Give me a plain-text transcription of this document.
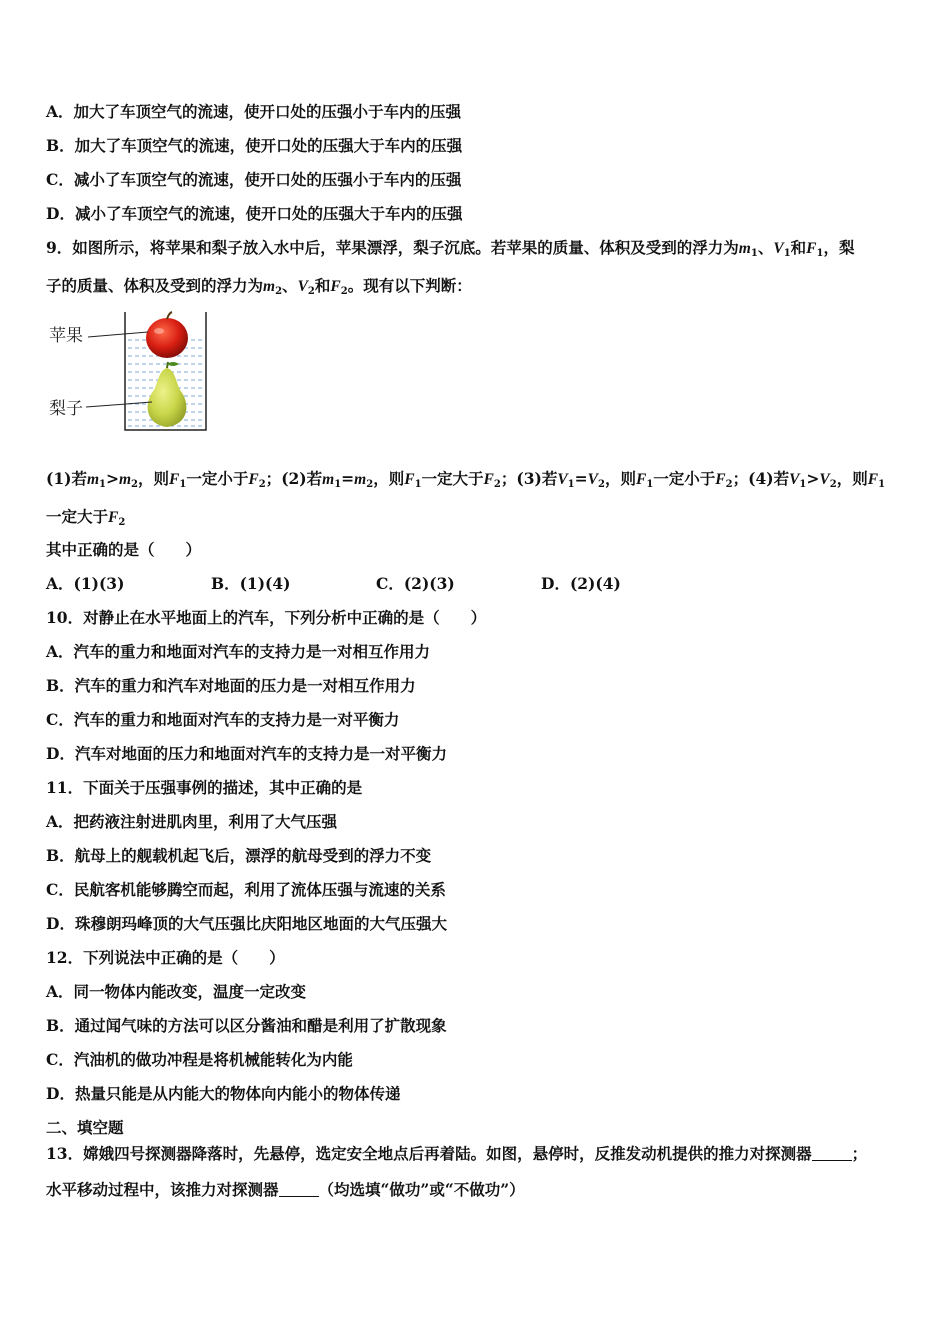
A．加大了车顶空气的流速，使开口处的压强小于车内的压强
B．加大了车顶空气的流速，使开口处的压强大于车内的压强
C．减小了车顶空气的流速，使开口处的压强小于车内的压强
D．减小了车顶空气的流速，使开口处的压强大于车内的压强
9．如图所示，将苹果和梨子放入水中后，苹果漂浮，梨子沉底。若苹果的质量、体积及受到的浮力为$m_1$、$V_1$和$F_1$，梨
子的质量、体积及受到的浮力为$m_2$、$V_2$和$F_2$。现有以下判断：
苹果
梨子
(1)若$m_1>m_2$，则$F_1$一定小于$F_2$；(2)若$m_1=m_2$，则$F_1$一定大于$F_2$；(3)若$V_1=V_2$，则$F_1$一定小于$F_2$；(4)若$V_1>V_2$，则$F_1$
一定大于$F_2$
其中正确的是（　　）
A．(1)(3)	B．(1)(4)	C．(2)(3)	D．(2)(4)
10．对静止在水平地面上的汽车，下列分析中正确的是（　　）
A．汽车的重力和地面对汽车的支持力是一对相互作用力
B．汽车的重力和汽车对地面的压力是一对相互作用力
C．汽车的重力和地面对汽车的支持力是一对平衡力
D．汽车对地面的压力和地面对汽车的支持力是一对平衡力
11．下面关于压强事例的描述，其中正确的是
A．把药液注射进肌肉里，利用了大气压强
B．航母上的舰载机起飞后，漂浮的航母受到的浮力不变
C．民航客机能够腾空而起，利用了流体压强与流速的关系
D．珠穆朗玛峰顶的大气压强比庆阳地区地面的大气压强大
12．下列说法中正确的是（　　）
A．同一物体内能改变，温度一定改变
B．通过闻气味的方法可以区分酱油和醋是利用了扩散现象
C．汽油机的做功冲程是将机械能转化为内能
D．热量只能是从内能大的物体向内能小的物体传递
二、填空题
13．嫦娥四号探测器降落时，先悬停，选定安全地点后再着陆。如图，悬停时，反推发动机提供的推力对探测器	；
水平移动过程中，该推力对探测器	（均选填“做功”或“不做功”）
